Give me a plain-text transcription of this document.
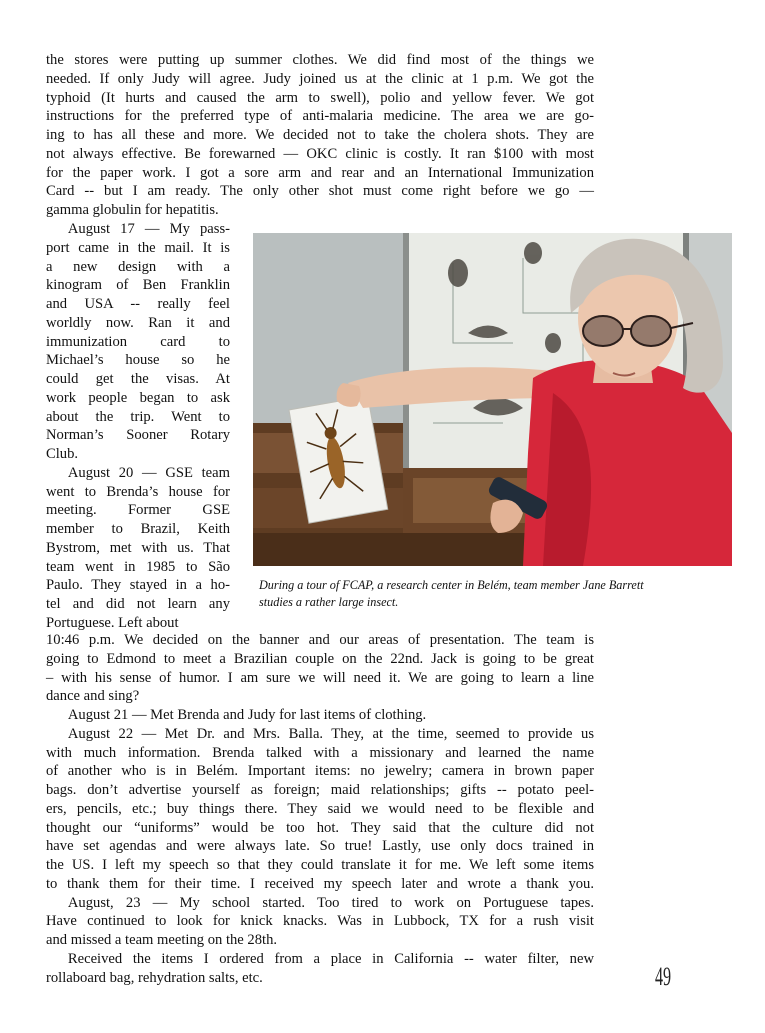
the stores were putting up summer clothes. We did find most of the things we
needed. If only Judy will agree. Judy joined us at the clinic at 1 p.m. We got the
typhoid (It hurts and caused the arm to swell), polio and yellow fever. We got
instructions for the preferred type of anti-malaria medicine. The area we are go-
ing to has all these and more. We decided not to take the cholera shots. They are
not always effective. Be forewarned — OKC clinic is costly. It ran $100 with most
for the paper work. I got a sore arm and rear and an International Immunization
Card -- but I am ready. The only other shot must come right before we go —
gamma globulin for hepatitis.
  August 17 — My pass-
port came in the mail. It is
a new design with a
kinogram of Ben Franklin
and USA -- really feel
worldly now. Ran it and
immunization card to
Michael’s house so he
could get the visas. At
work people began to ask
about the trip. Went to
Norman’s Sooner Rotary
Club.
  August 20 — GSE team
went to Brenda’s house for
meeting. Former GSE
member to Brazil, Keith
Bystrom, met with us. That
team went in 1985 to São
Paulo. They stayed in a ho-
tel and did not learn any
Portuguese. Left about
During a tour of FCAP, a research center in Belém, team member Jane Barrett
studies a rather large insect.
10:46 p.m. We decided on the banner and our areas of presentation. The team is
going to Edmond to meet a Brazilian couple on the 22nd. Jack is going to be great
– with his sense of humor. I am sure we will need it. We are going to learn a line
dance and sing?
  August 21 — Met Brenda and Judy for last items of clothing.
  August 22 — Met Dr. and Mrs. Balla. They, at the time, seemed to provide us
with much information. Brenda talked with a missionary and learned the name
of another who is in Belém. Important items: no jewelry; camera in brown paper
bags. don’t advertise yourself as foreign; maid relationships; gifts -- potato peel-
ers, pencils, etc.; buy things there. They said we would need to be flexible and
thought our “uniforms” would be too hot. They said that the culture did not
have set agendas and were always late. So true! Lastly, use only docs trained in
the US. I left my speech so that they could translate it for me. We left some items
to thank them for their time. I received my speech later and wrote a thank you.
  August, 23 — My school started. Too tired to work on Portuguese tapes.
Have continued to look for knick knacks. Was in Lubbock, TX for a rush visit
and missed a team meeting on the 28th.
  Received the items I ordered from a place in California -- water filter, new
rollaboard bag, rehydration salts, etc.	49
